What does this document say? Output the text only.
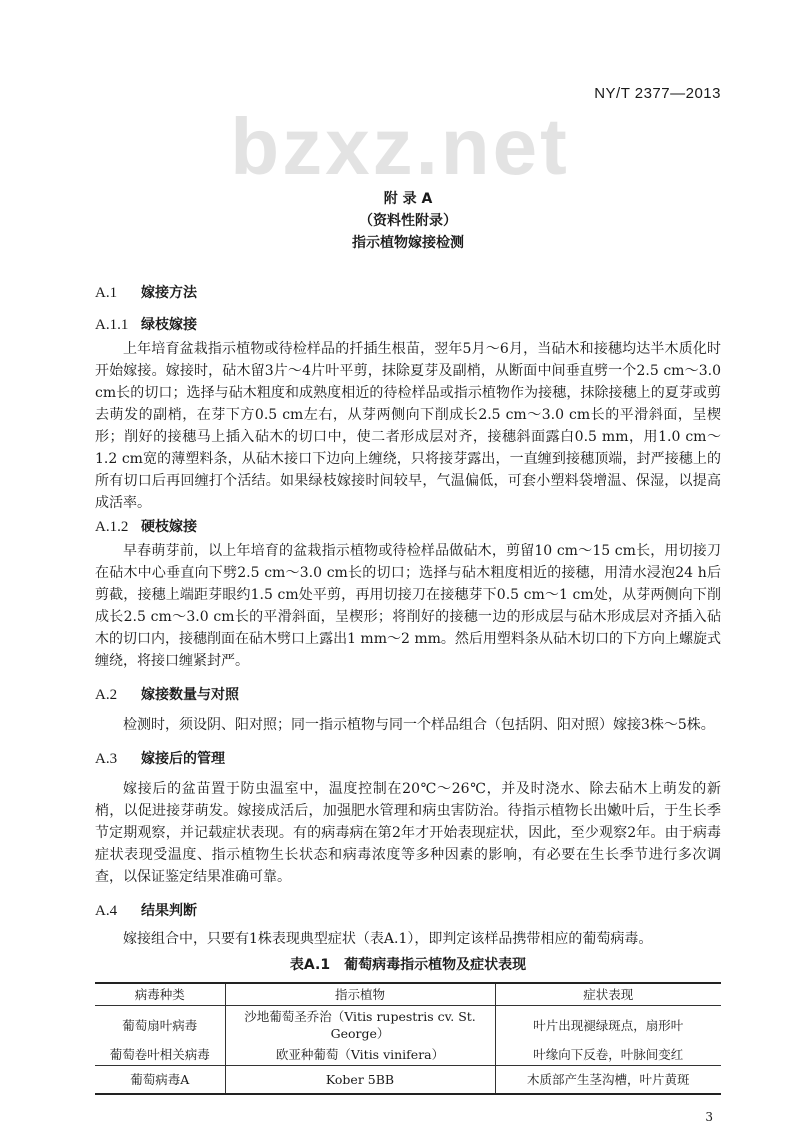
NY/T 2377—2013
bzxz.net
附 录 A
（资料性附录）
指示植物嫁接检测
A.1 嫁接方法
A.1.1 绿枝嫁接
上年培育盆栽指示植物或待检样品的扦插生根苗，翌年5月～6月，当砧木和接穗均达半木质化时开始嫁接。嫁接时，砧木留3片～4片叶平剪，抹除夏芽及副梢，从断面中间垂直劈一个2.5 cm～3.0 cm长的切口；选择与砧木粗度和成熟度相近的待检样品或指示植物作为接穗，抹除接穗上的夏芽或剪去萌发的副梢，在芽下方0.5 cm左右，从芽两侧向下削成长2.5 cm～3.0 cm长的平滑斜面，呈楔形；削好的接穗马上插入砧木的切口中，使二者形成层对齐，接穗斜面露白0.5 mm，用1.0 cm～1.2 cm宽的薄塑料条，从砧木接口下边向上缠绕，只将接芽露出，一直缠到接穗顶端，封严接穗上的所有切口后再回缠打个活结。如果绿枝嫁接时间较早，气温偏低，可套小塑料袋增温、保湿，以提高成活率。
A.1.2 硬枝嫁接
早春萌芽前，以上年培育的盆栽指示植物或待检样品做砧木，剪留10 cm～15 cm长，用切接刀在砧木中心垂直向下劈2.5 cm～3.0 cm长的切口；选择与砧木粗度相近的接穗，用清水浸泡24 h后剪截，接穗上端距芽眼约1.5 cm处平剪，再用切接刀在接穗芽下0.5 cm～1 cm处，从芽两侧向下削成长2.5 cm～3.0 cm长的平滑斜面，呈楔形；将削好的接穗一边的形成层与砧木形成层对齐插入砧木的切口内，接穗削面在砧木劈口上露出1 mm～2 mm。然后用塑料条从砧木切口的下方向上螺旋式缠绕，将接口缠紧封严。
A.2 嫁接数量与对照
检测时，须设阴、阳对照；同一指示植物与同一个样品组合（包括阴、阳对照）嫁接3株～5株。
A.3 嫁接后的管理
嫁接后的盆苗置于防虫温室中，温度控制在20℃～26℃，并及时浇水、除去砧木上萌发的新梢，以促进接芽萌发。嫁接成活后，加强肥水管理和病虫害防治。待指示植物长出嫩叶后，于生长季节定期观察，并记载症状表现。有的病毒病在第2年才开始表现症状，因此，至少观察2年。由于病毒症状表现受温度、指示植物生长状态和病毒浓度等多种因素的影响，有必要在生长季节进行多次调查，以保证鉴定结果准确可靠。
A.4 结果判断
嫁接组合中，只要有1株表现典型症状（表A.1），即判定该样品携带相应的葡萄病毒。
表A.1　葡萄病毒指示植物及症状表现
病毒种类	指示植物	症状表现
葡萄扇叶病毒	沙地葡萄圣乔治（Vitis rupestris cv. St. George）	叶片出现褪绿斑点，扇形叶
葡萄卷叶相关病毒	欧亚种葡萄（Vitis vinifera）	叶缘向下反卷，叶脉间变红
葡萄病毒A	Kober 5BB	木质部产生茎沟槽，叶片黄斑
3
